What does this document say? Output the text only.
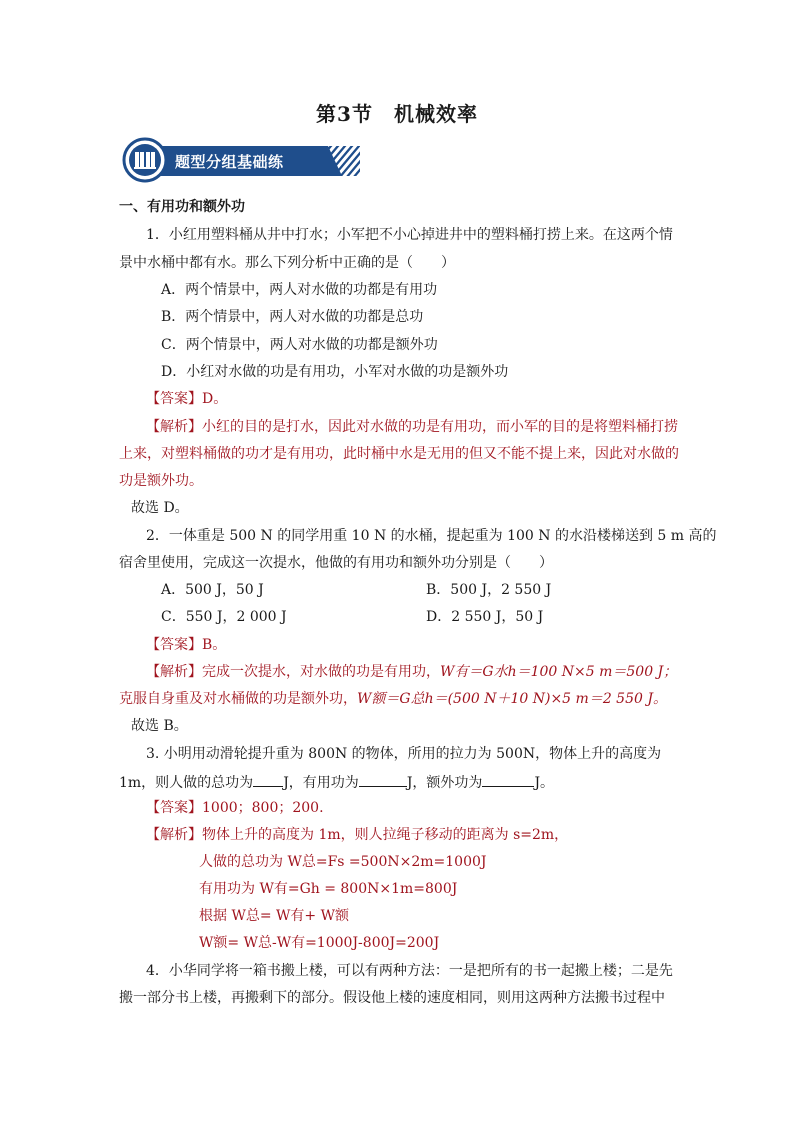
第3节　机械效率
题型分组基础练
一、有用功和额外功
1．小红用塑料桶从井中打水；小军把不小心掉进井中的塑料桶打捞上来。在这两个情
景中水桶中都有水。那么下列分析中正确的是（　　）
A．两个情景中，两人对水做的功都是有用功
B．两个情景中，两人对水做的功都是总功
C．两个情景中，两人对水做的功都是额外功
D．小红对水做的功是有用功，小军对水做的功是额外功
【答案】D。
【解析】小红的目的是打水，因此对水做的功是有用功，而小军的目的是将塑料桶打捞
上来，对塑料桶做的功才是有用功，此时桶中水是无用的但又不能不提上来，因此对水做的
功是额外功。
故选 D。
2．一体重是 500 N 的同学用重 10 N 的水桶，提起重为 100 N 的水沿楼梯送到 5 m 高的
宿舍里使用，完成这一次提水，他做的有用功和额外功分别是（　　）
A．500 J，50 J	B．500 J，2 550 J
C．550 J，2 000 J	D．2 550 J，50 J
【答案】B。
【解析】完成一次提水，对水做的功是有用功，W有＝G水h＝100 N×5 m＝500 J；
克服自身重及对水桶做的功是额外功，W额＝G总h＝(500 N＋10 N)×5 m＝2 550 J。
故选 B。
3. 小明用动滑轮提升重为 800N 的物体，所用的拉力为 500N，物体上升的高度为
1m，则人做的总功为 J，有用功为	J，额外功为	J。
【答案】1000；800；200.
【解析】物体上升的高度为 1m，则人拉绳子移动的距离为 s=2m，
人做的总功为 W总=Fs =500N×2m=1000J
有用功为 W有=Gh = 800N×1m=800J
根据 W总= W有+ W额
W额= W总-W有=1000J-800J=200J
4．小华同学将一箱书搬上楼，可以有两种方法：一是把所有的书一起搬上楼；二是先
搬一部分书上楼，再搬剩下的部分。假设他上楼的速度相同，则用这两种方法搬书过程中
